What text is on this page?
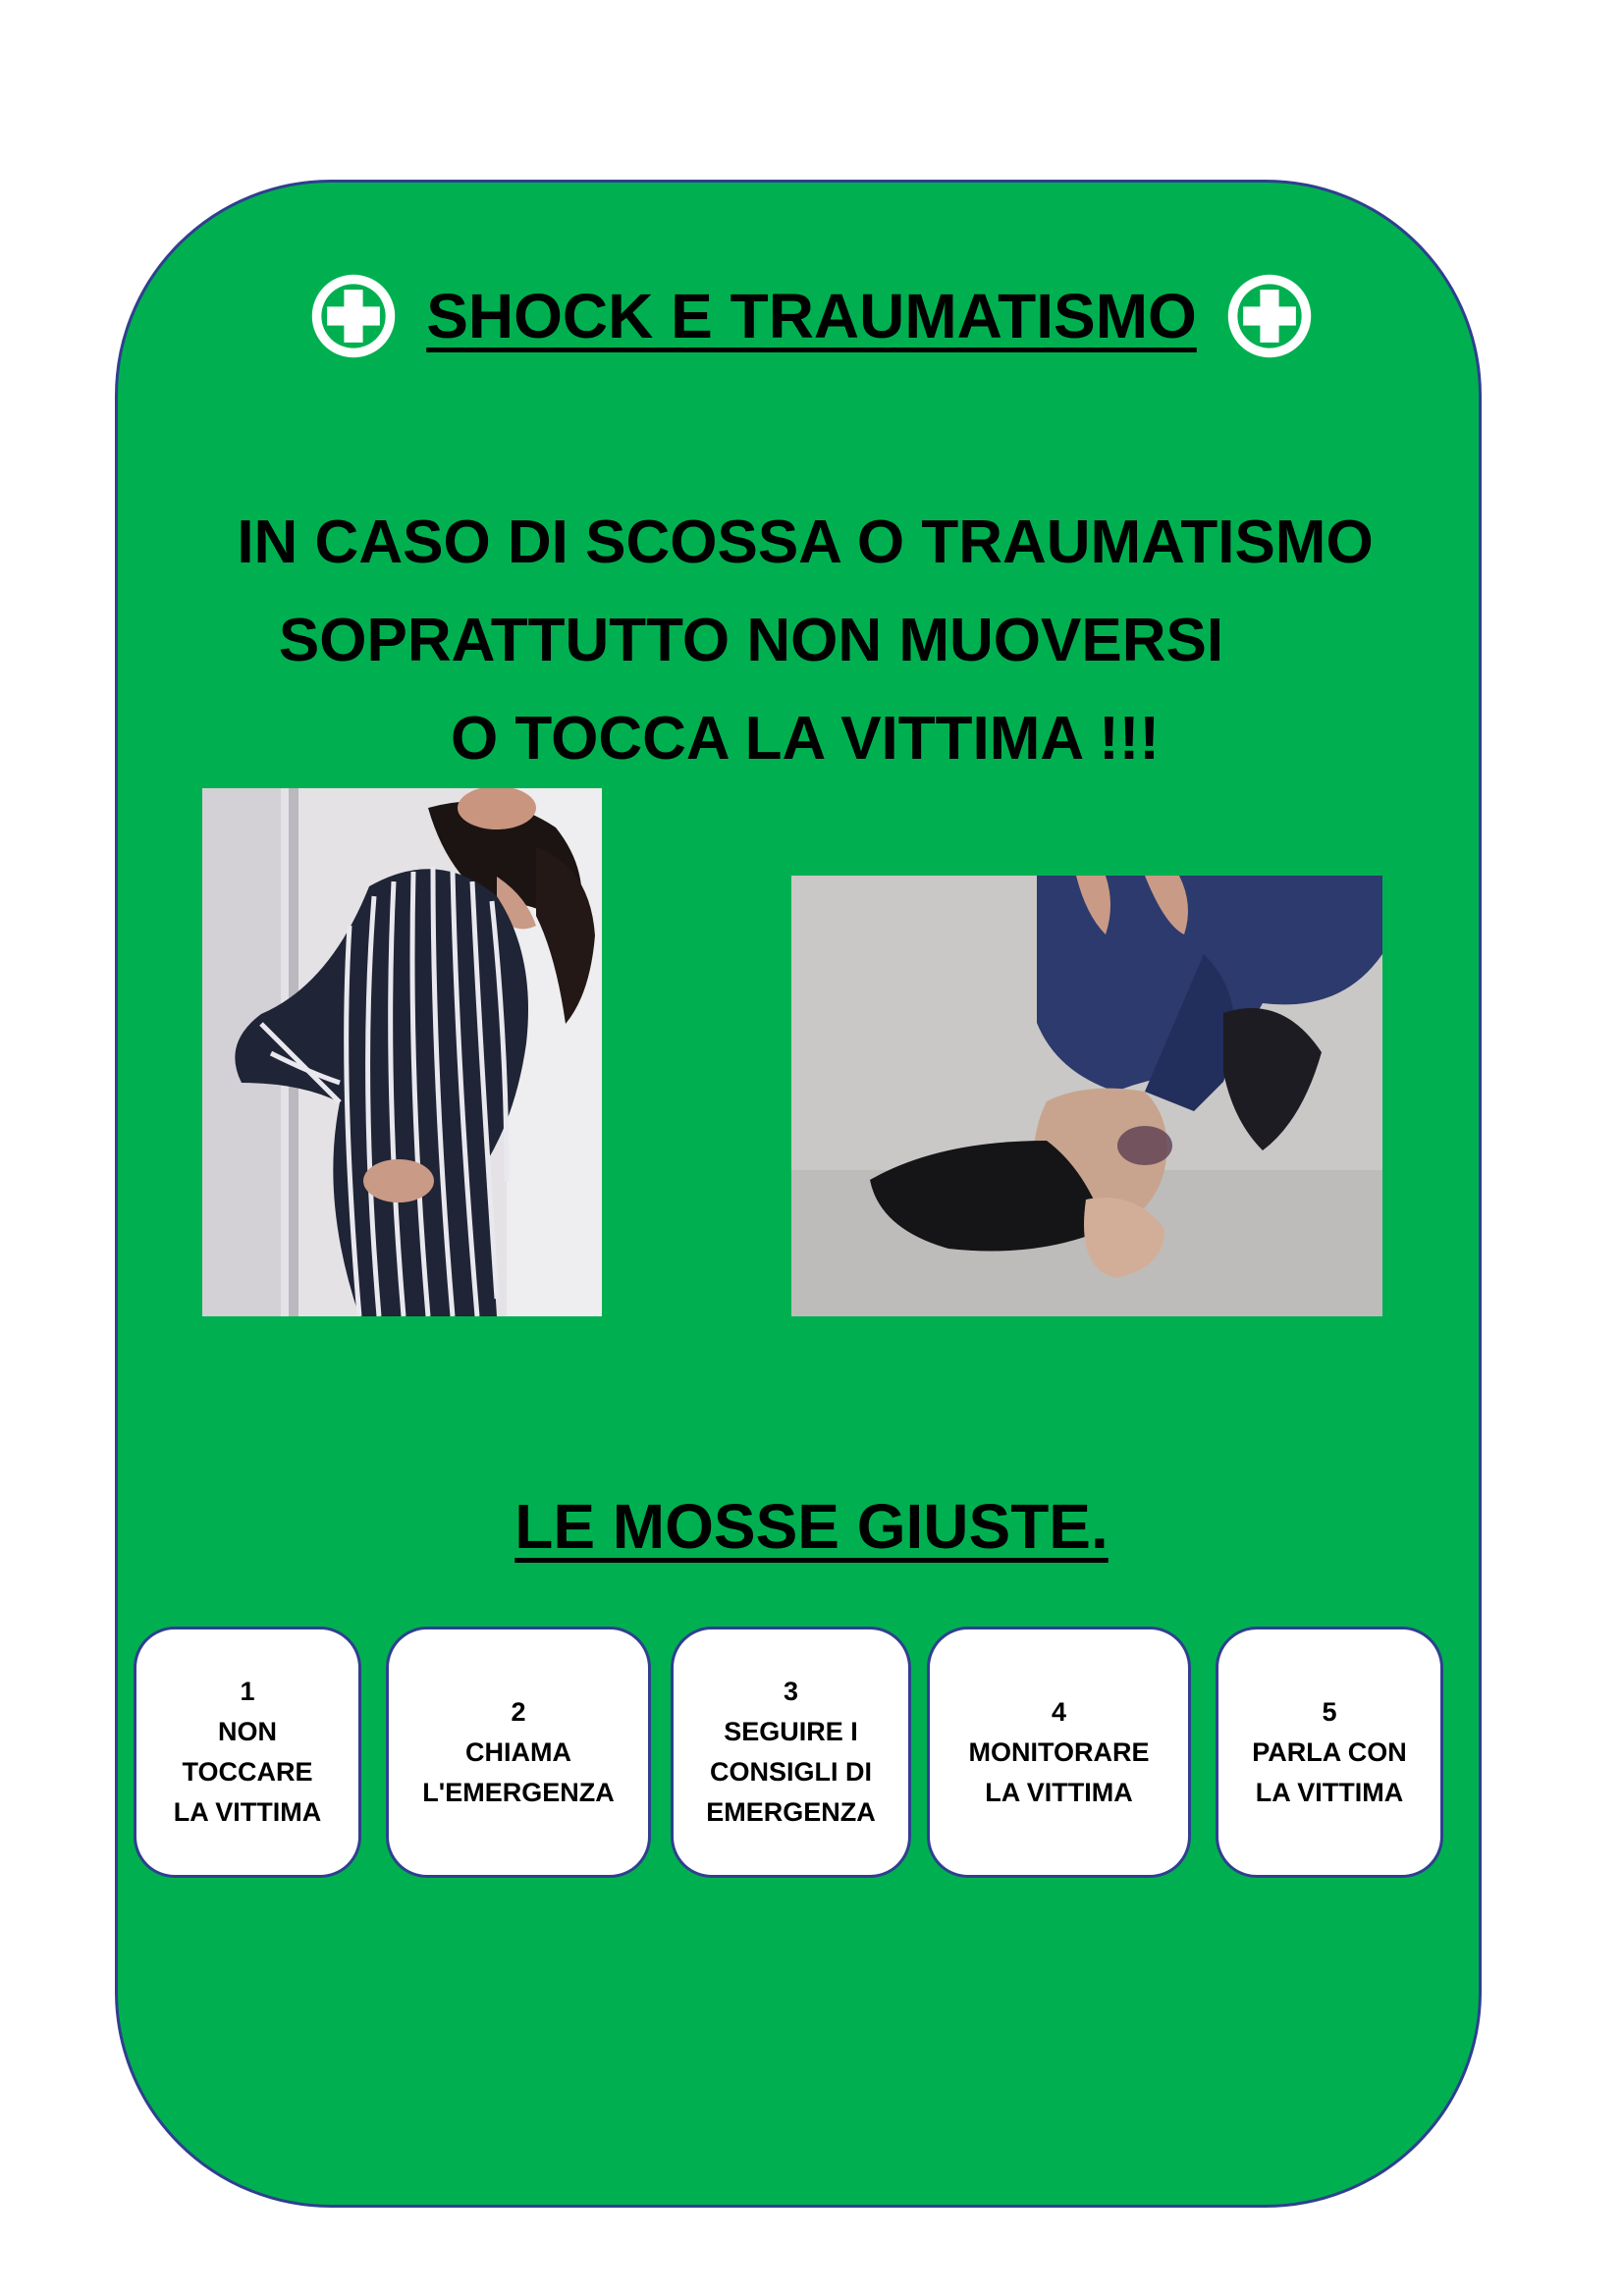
SHOCK E TRAUMATISMO
IN CASO DI SCOSSA O TRAUMATISMO
SOPRATTUTTO NON MUOVERSI
O TOCCA LA VITTIMA !!!
LE MOSSE GIUSTE.
1
NON
TOCCARE
LA VITTIMA
2
CHIAMA
L'EMERGENZA
3
SEGUIRE I
CONSIGLI DI
EMERGENZA
4
MONITORARE
LA VITTIMA
5
PARLA CON
LA VITTIMA
